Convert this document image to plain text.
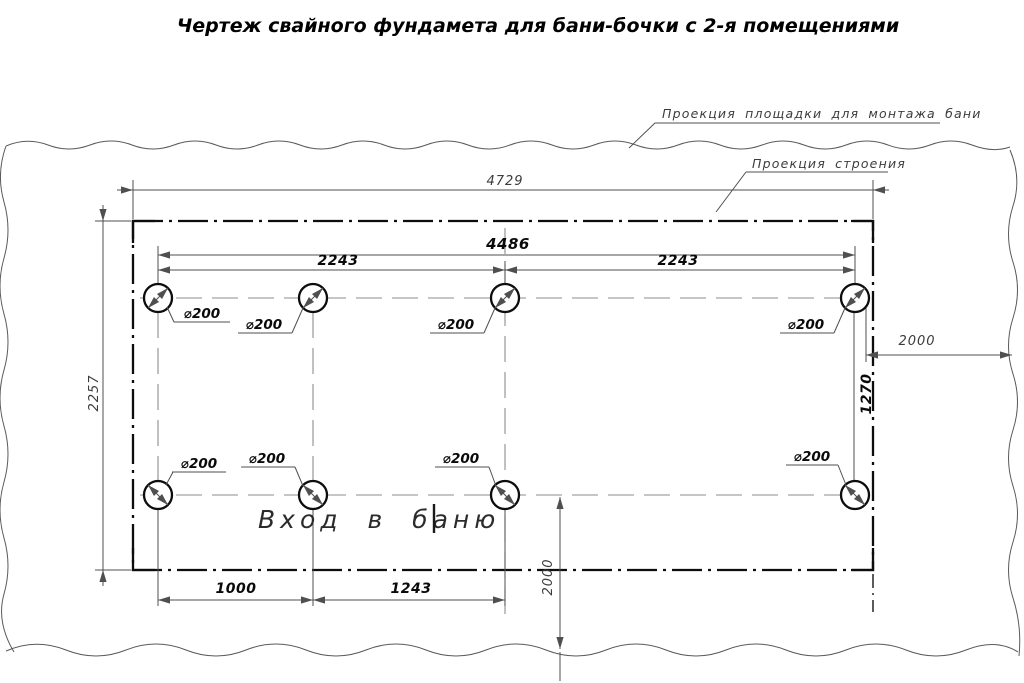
Чертеж свайного фундамета для бани-бочки с 2-я помещениями
Проекция площадки для монтажа бани
Проекция строения
4729
4486
2243	2243
2257
2000
1270
1000	1243	2000
⌀200
⌀200	⌀200	⌀200
⌀200 ⌀200	⌀200	⌀200
Вход в баню
